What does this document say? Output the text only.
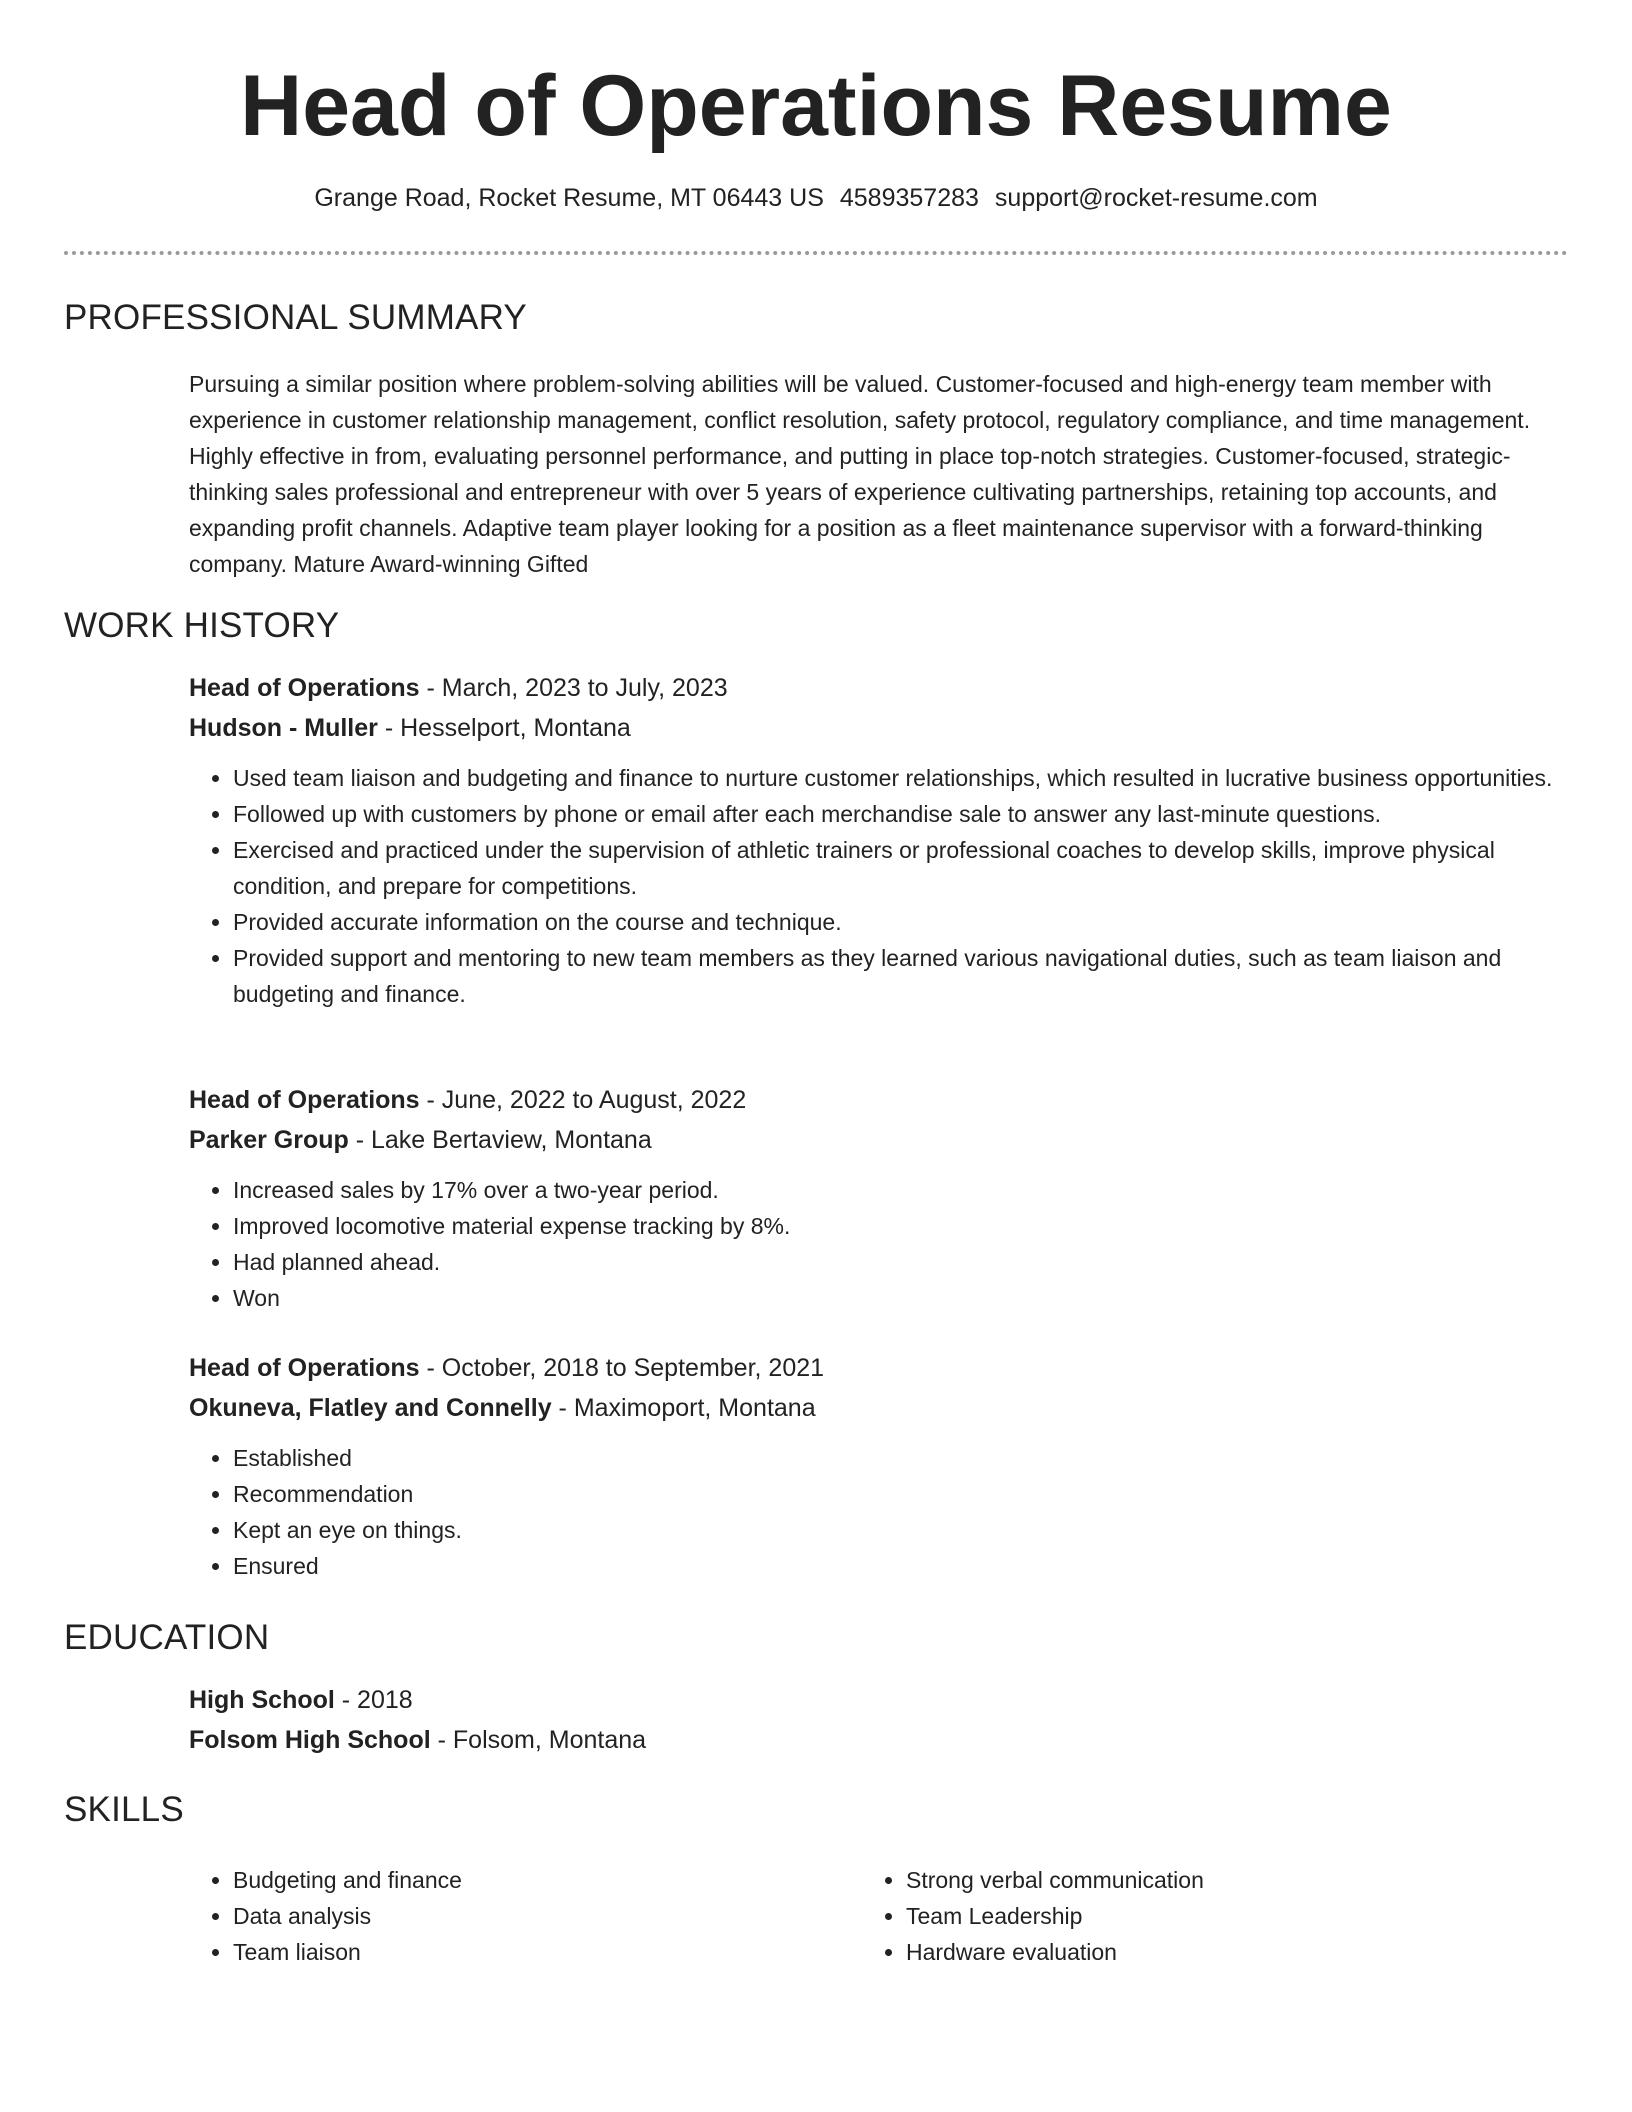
Head of Operations Resume
Grange Road, Rocket Resume, MT 06443 US 4589357283 support@rocket-resume.com
PROFESSIONAL SUMMARY

Pursuing a similar position where problem-solving abilities will be valued. Customer-focused and high-energy team member with experience in customer relationship management, conflict resolution, safety protocol, regulatory compliance, and time management. Highly effective in from, evaluating personnel performance, and putting in place top-notch strategies. Customer-focused, strategic-thinking sales professional and entrepreneur with over 5 years of experience cultivating partnerships, retaining top accounts, and expanding profit channels. Adaptive team player looking for a position as a fleet maintenance supervisor with a forward-thinking company. Mature Award-winning Gifted

WORK HISTORY
Head of Operations - March, 2023 to July, 2023
Hudson - Muller - Hesselport, Montana
• Used team liaison and budgeting and finance to nurture customer relationships, which resulted in lucrative business opportunities.
• Followed up with customers by phone or email after each merchandise sale to answer any last-minute questions.
• Exercised and practiced under the supervision of athletic trainers or professional coaches to develop skills, improve physical condition, and prepare for competitions.
• Provided accurate information on the course and technique.
• Provided support and mentoring to new team members as they learned various navigational duties, such as team liaison and budgeting and finance.
Head of Operations - June, 2022 to August, 2022
Parker Group - Lake Bertaview, Montana
• Increased sales by 17% over a two-year period.
• Improved locomotive material expense tracking by 8%.
• Had planned ahead.
• Won
Head of Operations - October, 2018 to September, 2021
Okuneva, Flatley and Connelly - Maximoport, Montana
• Established
• Recommendation
• Kept an eye on things.
• Ensured
EDUCATION
High School - 2018
Folsom High School - Folsom, Montana
SKILLS
• Budgeting and finance
• Data analysis
• Team liaison
• Strong verbal communication
• Team Leadership
• Hardware evaluation
